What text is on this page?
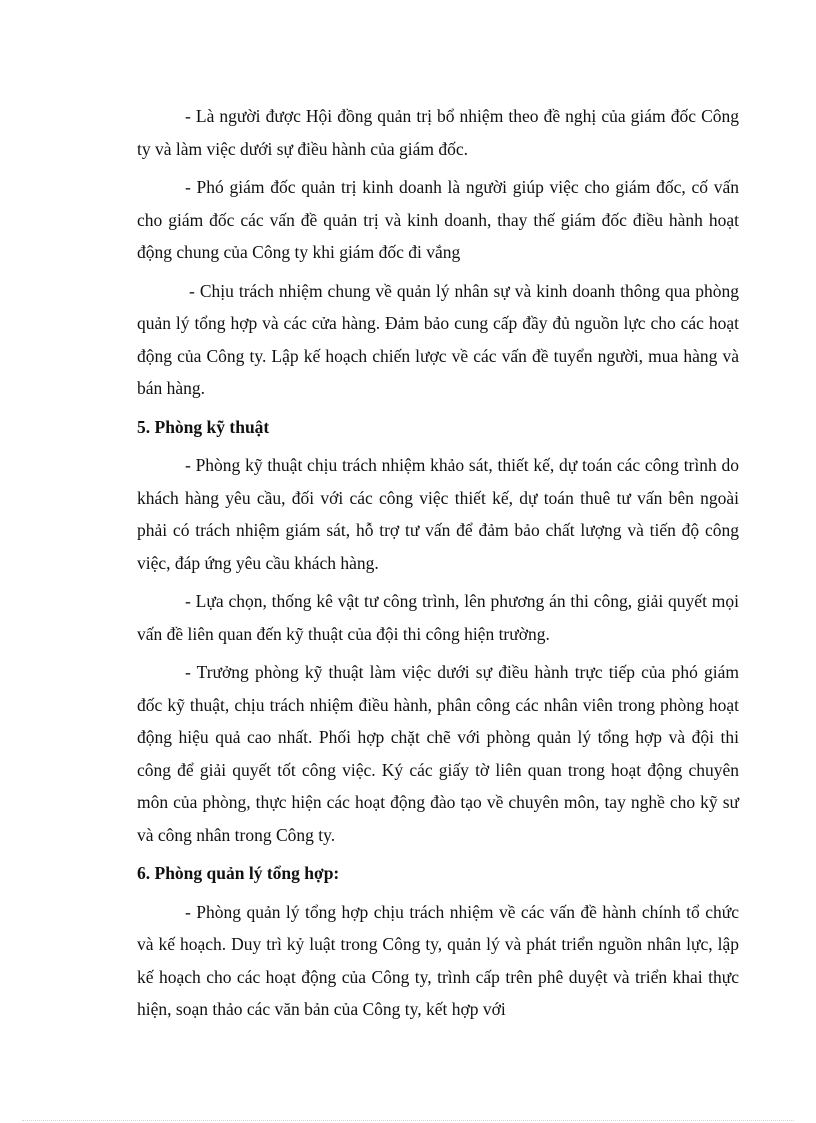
- Là người được Hội đồng quản trị bổ nhiệm theo đề nghị của giám đốc Công ty và làm việc dưới sự điều hành của giám đốc.

- Phó giám đốc quản trị kinh doanh là người giúp việc cho giám đốc, cố vấn cho giám đốc các vấn đề quản trị và kinh doanh, thay thế giám đốc điều hành hoạt động chung của Công ty khi giám đốc đi vắng

- Chịu trách nhiệm chung về quản lý nhân sự và kinh doanh thông qua phòng quản lý tổng hợp và các cửa hàng. Đảm bảo cung cấp đầy đủ nguồn lực cho các hoạt động của Công ty. Lập kế hoạch chiến lược về các vấn đề tuyển người, mua hàng và bán hàng.

5. Phòng kỹ thuật

- Phòng kỹ thuật chịu trách nhiệm khảo sát, thiết kế, dự toán các công trình do khách hàng yêu cầu, đối với các công việc thiết kế, dự toán thuê tư vấn bên ngoài phải có trách nhiệm giám sát, hỗ trợ tư vấn để đảm bảo chất lượng và tiến độ công việc, đáp ứng yêu cầu khách hàng.

- Lựa chọn, thống kê vật tư công trình, lên phương án thi công, giải quyết mọi vấn đề liên quan đến kỹ thuật của đội thi công hiện trường.

- Trưởng phòng kỹ thuật làm việc dưới sự điều hành trực tiếp của phó giám đốc kỹ thuật, chịu trách nhiệm điều hành, phân công các nhân viên trong phòng hoạt động hiệu quả cao nhất. Phối hợp chặt chẽ với phòng quản lý tổng hợp và đội thi công để giải quyết tốt công việc. Ký các giấy tờ liên quan trong hoạt động chuyên môn của phòng, thực hiện các hoạt động đào tạo về chuyên môn, tay nghề cho kỹ sư và công nhân trong Công ty.

6. Phòng quản lý tổng hợp:

- Phòng quản lý tổng hợp chịu trách nhiệm về các vấn đề hành chính tổ chức và kế hoạch. Duy trì kỷ luật trong Công ty, quản lý và phát triển nguồn nhân lực, lập kế hoạch cho các hoạt động của Công ty, trình cấp trên phê duyệt và triển khai thực hiện, soạn thảo các văn bản của Công ty, kết hợp với
